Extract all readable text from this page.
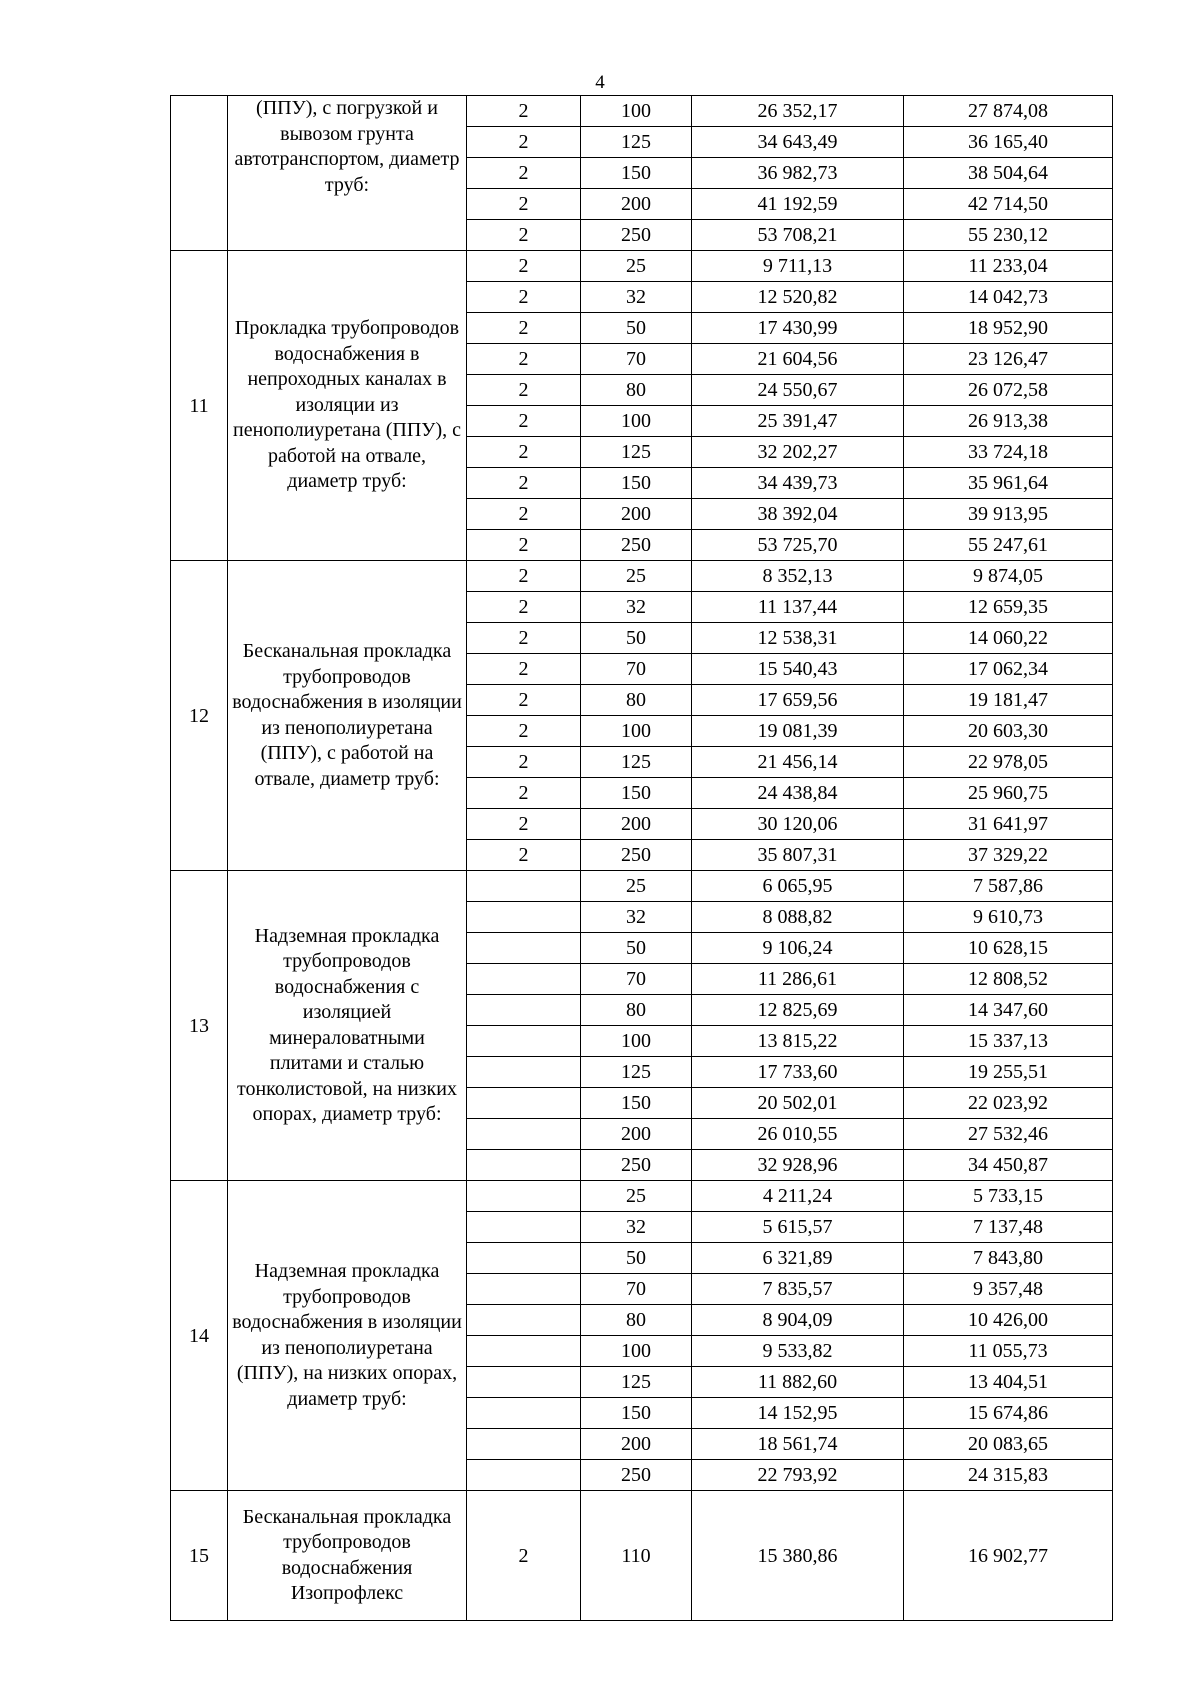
4
	(ППУ), с погрузкой и вывозом грунта автотранспортом, диаметр труб:	2	100	26 352,17	27 874,08
		2	125	34 643,49	36 165,40
		2	150	36 982,73	38 504,64
		2	200	41 192,59	42 714,50
		2	250	53 708,21	55 230,12
11	Прокладка трубопроводов водоснабжения в непроходных каналах в изоляции из пенополиуретана (ППУ), с работой на отвале, диаметр труб:	2	25	9 711,13	11 233,04
		2	32	12 520,82	14 042,73
		2	50	17 430,99	18 952,90
		2	70	21 604,56	23 126,47
		2	80	24 550,67	26 072,58
		2	100	25 391,47	26 913,38
		2	125	32 202,27	33 724,18
		2	150	34 439,73	35 961,64
		2	200	38 392,04	39 913,95
		2	250	53 725,70	55 247,61
12	Бесканальная прокладка трубопроводов водоснабжения в изоляции из пенополиуретана (ППУ), с работой на отвале, диаметр труб:	2	25	8 352,13	9 874,05
		2	32	11 137,44	12 659,35
		2	50	12 538,31	14 060,22
		2	70	15 540,43	17 062,34
		2	80	17 659,56	19 181,47
		2	100	19 081,39	20 603,30
		2	125	21 456,14	22 978,05
		2	150	24 438,84	25 960,75
		2	200	30 120,06	31 641,97
		2	250	35 807,31	37 329,22
13	Надземная прокладка трубопроводов водоснабжения с изоляцией минераловатными плитами и сталью тонколистовой, на низких опорах, диаметр труб:		25	6 065,95	7 587,86
			32	8 088,82	9 610,73
			50	9 106,24	10 628,15
			70	11 286,61	12 808,52
			80	12 825,69	14 347,60
			100	13 815,22	15 337,13
			125	17 733,60	19 255,51
			150	20 502,01	22 023,92
			200	26 010,55	27 532,46
			250	32 928,96	34 450,87
14	Надземная прокладка трубопроводов водоснабжения в изоляции из пенополиуретана (ППУ), на низких опорах, диаметр труб:		25	4 211,24	5 733,15
			32	5 615,57	7 137,48
			50	6 321,89	7 843,80
			70	7 835,57	9 357,48
			80	8 904,09	10 426,00
			100	9 533,82	11 055,73
			125	11 882,60	13 404,51
			150	14 152,95	15 674,86
			200	18 561,74	20 083,65
			250	22 793,92	24 315,83
15	Бесканальная прокладка трубопроводов водоснабжения Изопрофлекс	2	110	15 380,86	16 902,77
